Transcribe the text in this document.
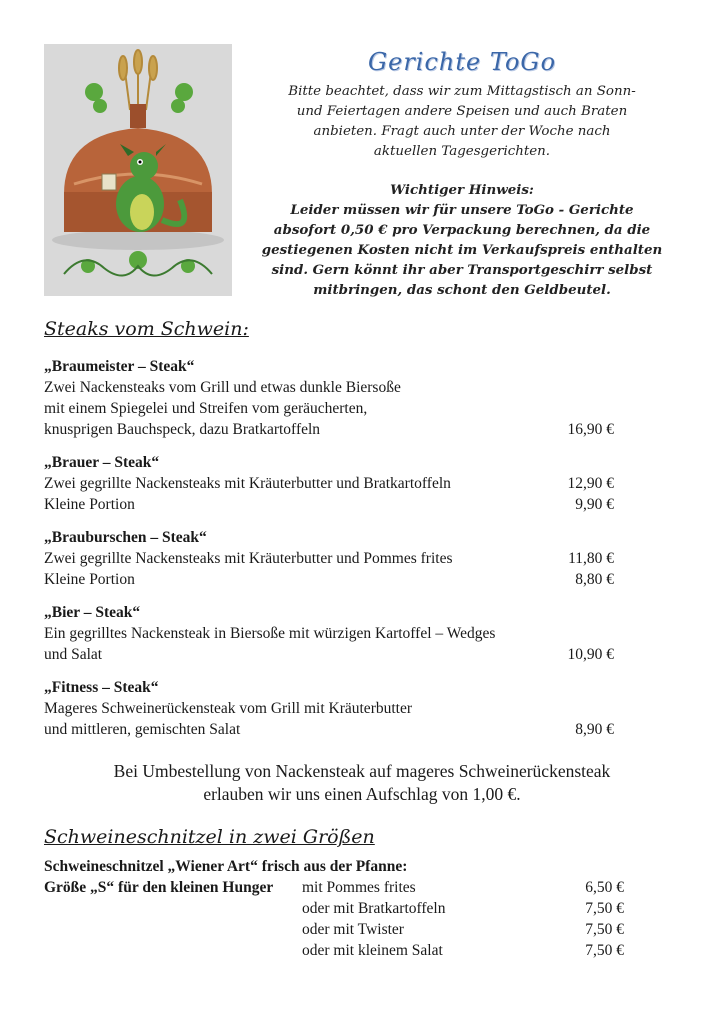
Gerichte ToGo
Bitte beachtet, dass wir zum Mittagstisch an Sonn-
und Feiertagen andere Speisen und auch Braten
anbieten. Fragt auch unter der Woche nach
aktuellen Tagesgerichten.
Wichtiger Hinweis:
Leider müssen wir für unsere ToGo - Gerichte
absofort 0,50 € pro Verpackung berechnen, da die
gestiegenen Kosten nicht im Verkaufspreis enthalten
sind. Gern könnt ihr aber Transportgeschirr selbst
mitbringen, das schont den Geldbeutel.
Steaks vom Schwein:
„Braumeister – Steak“
Zwei Nackensteaks vom Grill und etwas dunkle Biersoße
mit einem Spiegelei und Streifen vom geräucherten,
knusprigen Bauchspeck, dazu Bratkartoffeln	16,90 €
„Brauer – Steak“
Zwei gegrillte Nackensteaks mit Kräuterbutter und Bratkartoffeln	12,90 €
Kleine Portion	9,90 €
„Brauburschen – Steak“
Zwei gegrillte Nackensteaks mit Kräuterbutter und Pommes frites	11,80 €
Kleine Portion	8,80 €
„Bier – Steak“
Ein gegrilltes Nackensteak in Biersoße mit würzigen Kartoffel – Wedges
und Salat	10,90 €
„Fitness – Steak“
Mageres Schweinerückensteak vom Grill mit Kräuterbutter
und mittleren, gemischten Salat	8,90 €
Bei Umbestellung von Nackensteak auf mageres Schweinerückensteak
erlauben wir uns einen Aufschlag von 1,00 €.
Schweineschnitzel in zwei Größen
Schweineschnitzel „Wiener Art“ frisch aus der Pfanne:
Größe „S“ für den kleinen Hunger	mit Pommes frites	6,50 €
oder mit Bratkartoffeln	7,50 €
oder mit Twister	7,50 €
oder mit kleinem Salat	7,50 €
